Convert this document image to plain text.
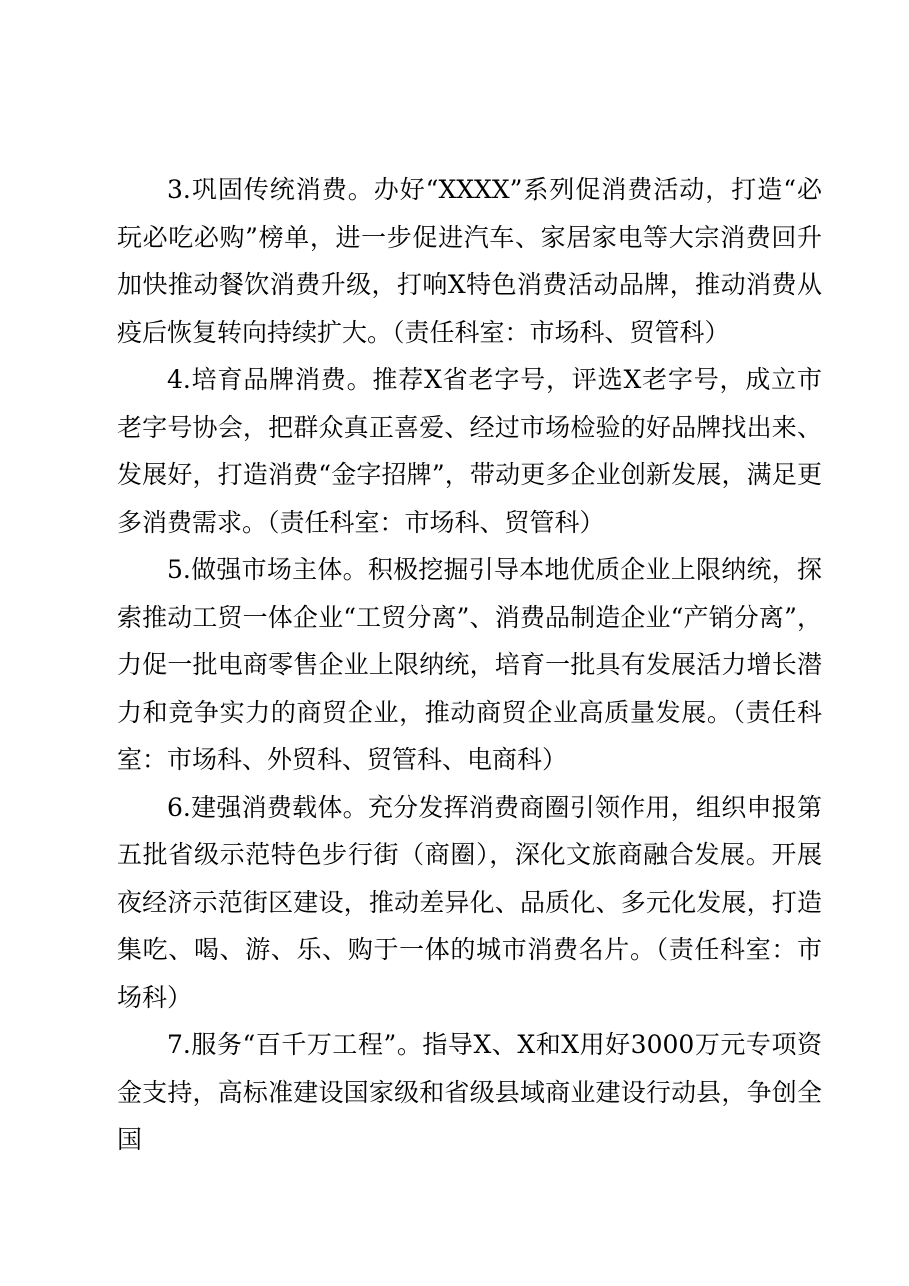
3.巩固传统消费。办好“XXXX”系列促消费活动，打造“必玩必吃必购”榜单，进一步促进汽车、家居家电等大宗消费回升加快推动餐饮消费升级，打响X特色消费活动品牌，推动消费从疫后恢复转向持续扩大。（责任科室：市场科、贸管科）

4.培育品牌消费。推荐X省老字号，评选X老字号，成立市老字号协会，把群众真正喜爱、经过市场检验的好品牌找出来、发展好，打造消费“金字招牌”，带动更多企业创新发展，满足更多消费需求。（责任科室：市场科、贸管科）

5.做强市场主体。积极挖掘引导本地优质企业上限纳统，探索推动工贸一体企业“工贸分离”、消费品制造企业“产销分离”，力促一批电商零售企业上限纳统，培育一批具有发展活力增长潜力和竞争实力的商贸企业，推动商贸企业高质量发展。（责任科室：市场科、外贸科、贸管科、电商科）

6.建强消费载体。充分发挥消费商圈引领作用，组织申报第五批省级示范特色步行街（商圈），深化文旅商融合发展。开展夜经济示范街区建设，推动差异化、品质化、多元化发展，打造集吃、喝、游、乐、购于一体的城市消费名片。（责任科室：市场科）

7.服务“百千万工程”。指导X、X和X用好3000万元专项资金支持，高标准建设国家级和省级县域商业建设行动县，争创全国
